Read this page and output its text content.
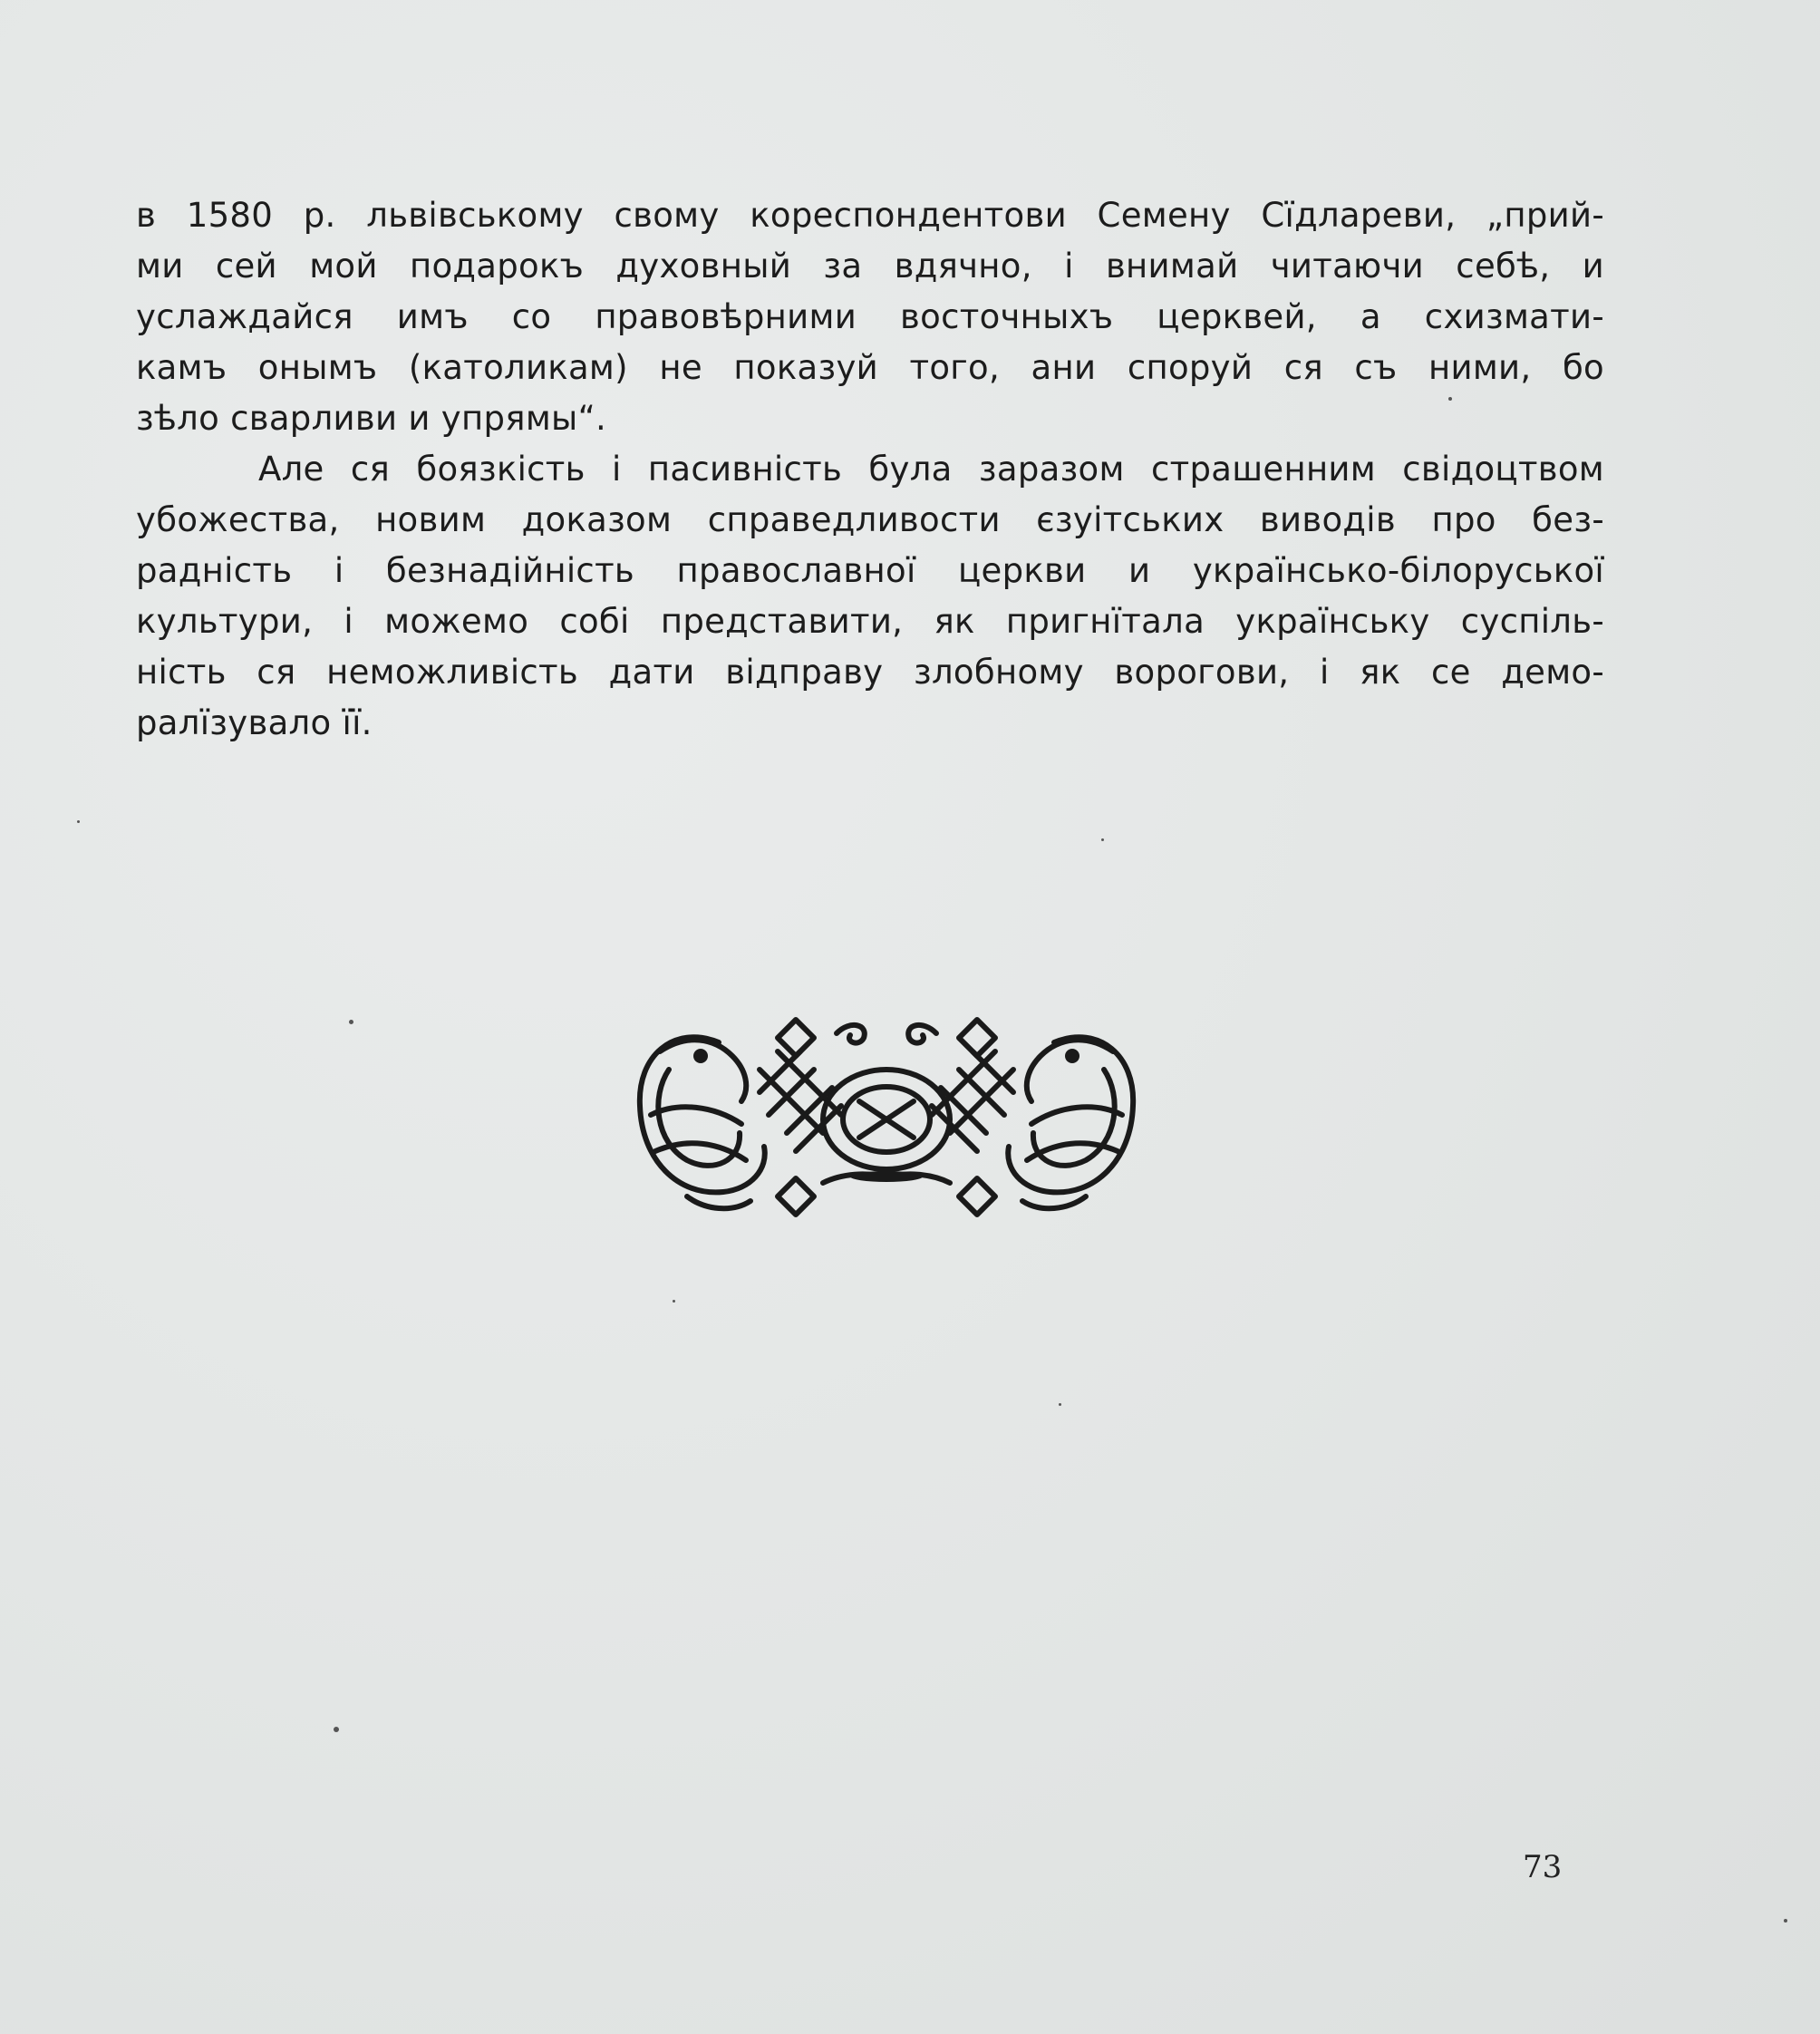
в 1580 р. львівському свому кореспондентови Семену Сїдлареви, „прий-
ми сей мой подарокъ духовный за вдячно, і внимай читаючи себѣ, и
услаждайся имъ со правовѣрними восточныхъ церквей, а схизмати-
камъ онымъ (католикам) не показуй того, ани споруй ся съ ними, бо
зѣло сварливи и упрямы“.
Але ся боязкість і пасивність була заразом страшенним свідоцтвом
убожества, новим доказом справедливости єзуітських виводів про без-
радність і безнадійність православної церкви и українсько-білоруської
культури, і можемо собі представити, як пригнїтала українську суспіль-
ність ся неможливість дати відправу злобному ворогови, і як се демо-
ралїзувало її.
73
